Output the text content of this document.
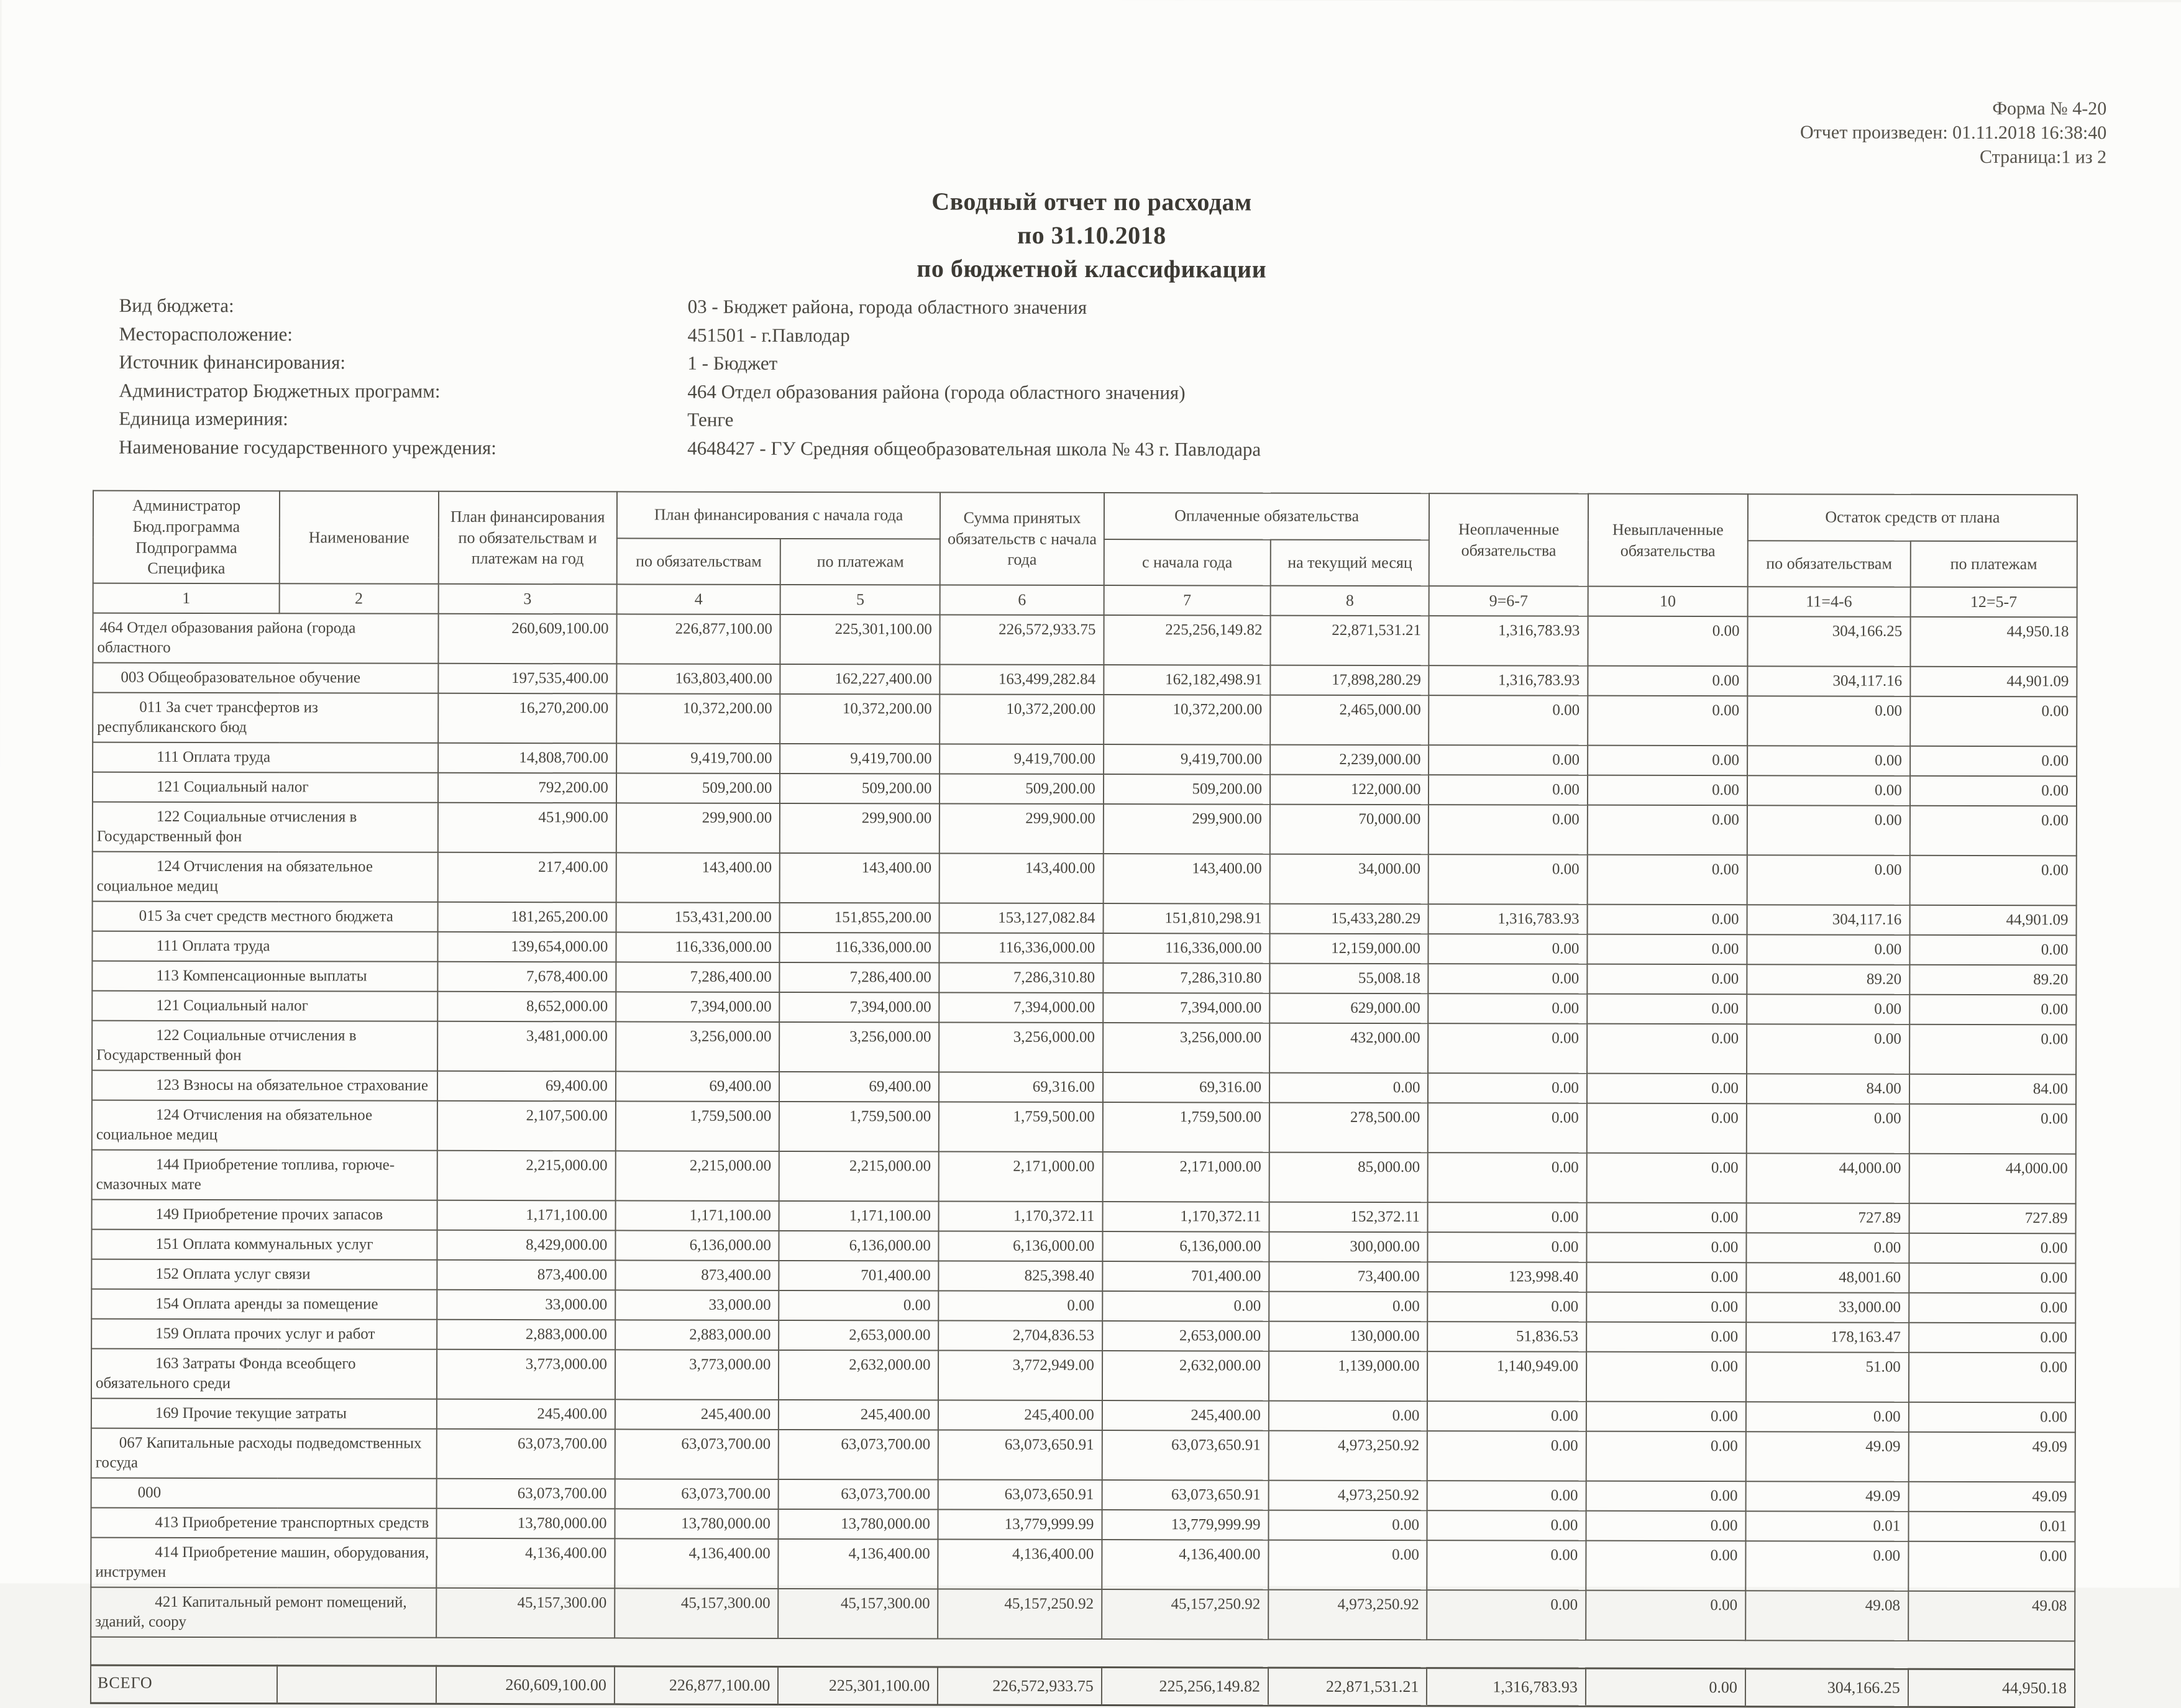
Форма № 4-20
Отчет произведен: 01.11.2018 16:38:40
Страница:1 из 2
Сводный отчет по расходам
по 31.10.2018
по бюджетной классификации
Вид бюджета:	03 - Бюджет района, города областного значения
Месторасположение:	451501 - г.Павлодар
Источник финансирования:	1 - Бюджет
Администратор Бюджетных программ:	464 Отдел образования района (города областного значения)
Единица измериния:	Тенге
Наименование государственного учреждения:	4648427 - ГУ Средняя общеобразовательная школа № 43 г. Павлодара
Администратор
Бюд.программа
Подпрограмма
Специфика	Наименование	План финансирования по обязательствам и платежам на год	План финансирования с начала года		Сумма принятых обязательств с начала года	Оплаченные обязательства		Неоплаченные обязательства	Невыплаченные обязательства	Остаток средств от плана	
			по обязательствам	по платежам		с начала года	на текущий месяц			по обязательствам	по платежам
1	2	3	4	5	6	7	8	9=6-7	10	11=4-6	12=5-7
464 Отдел образования района (города областного		260,609,100.00	226,877,100.00	225,301,100.00	226,572,933.75	225,256,149.82	22,871,531.21	1,316,783.93	0.00	304,166.25	44,950.18
003 Общеобразовательное обучение		197,535,400.00	163,803,400.00	162,227,400.00	163,499,282.84	162,182,498.91	17,898,280.29	1,316,783.93	0.00	304,117.16	44,901.09
011 За счет трансфертов из республиканского бюд		16,270,200.00	10,372,200.00	10,372,200.00	10,372,200.00	10,372,200.00	2,465,000.00	0.00	0.00	0.00	0.00
111 Оплата труда		14,808,700.00	9,419,700.00	9,419,700.00	9,419,700.00	9,419,700.00	2,239,000.00	0.00	0.00	0.00	0.00
121 Социальный налог		792,200.00	509,200.00	509,200.00	509,200.00	509,200.00	122,000.00	0.00	0.00	0.00	0.00
122 Социальные отчисления в Государственный фон		451,900.00	299,900.00	299,900.00	299,900.00	299,900.00	70,000.00	0.00	0.00	0.00	0.00
124 Отчисления на обязательное социальное медиц		217,400.00	143,400.00	143,400.00	143,400.00	143,400.00	34,000.00	0.00	0.00	0.00	0.00
015 За счет средств местного бюджета		181,265,200.00	153,431,200.00	151,855,200.00	153,127,082.84	151,810,298.91	15,433,280.29	1,316,783.93	0.00	304,117.16	44,901.09
111 Оплата труда		139,654,000.00	116,336,000.00	116,336,000.00	116,336,000.00	116,336,000.00	12,159,000.00	0.00	0.00	0.00	0.00
113 Компенсационные выплаты		7,678,400.00	7,286,400.00	7,286,400.00	7,286,310.80	7,286,310.80	55,008.18	0.00	0.00	89.20	89.20
121 Социальный налог		8,652,000.00	7,394,000.00	7,394,000.00	7,394,000.00	7,394,000.00	629,000.00	0.00	0.00	0.00	0.00
122 Социальные отчисления в Государственный фон		3,481,000.00	3,256,000.00	3,256,000.00	3,256,000.00	3,256,000.00	432,000.00	0.00	0.00	0.00	0.00
123 Взносы на обязательное страхование		69,400.00	69,400.00	69,400.00	69,316.00	69,316.00	0.00	0.00	0.00	84.00	84.00
124 Отчисления на обязательное социальное медиц		2,107,500.00	1,759,500.00	1,759,500.00	1,759,500.00	1,759,500.00	278,500.00	0.00	0.00	0.00	0.00
144 Приобретение топлива, горюче-смазочных мате		2,215,000.00	2,215,000.00	2,215,000.00	2,171,000.00	2,171,000.00	85,000.00	0.00	0.00	44,000.00	44,000.00
149 Приобретение прочих запасов		1,171,100.00	1,171,100.00	1,171,100.00	1,170,372.11	1,170,372.11	152,372.11	0.00	0.00	727.89	727.89
151 Оплата коммунальных услуг		8,429,000.00	6,136,000.00	6,136,000.00	6,136,000.00	6,136,000.00	300,000.00	0.00	0.00	0.00	0.00
152 Оплата услуг связи		873,400.00	873,400.00	701,400.00	825,398.40	701,400.00	73,400.00	123,998.40	0.00	48,001.60	0.00
154 Оплата аренды за помещение		33,000.00	33,000.00	0.00	0.00	0.00	0.00	0.00	0.00	33,000.00	0.00
159 Оплата прочих услуг и работ		2,883,000.00	2,883,000.00	2,653,000.00	2,704,836.53	2,653,000.00	130,000.00	51,836.53	0.00	178,163.47	0.00
163 Затраты Фонда всеобщего обязательного среди		3,773,000.00	3,773,000.00	2,632,000.00	3,772,949.00	2,632,000.00	1,139,000.00	1,140,949.00	0.00	51.00	0.00
169 Прочие текущие затраты		245,400.00	245,400.00	245,400.00	245,400.00	245,400.00	0.00	0.00	0.00	0.00	0.00
067 Капитальные расходы подведомственных госуда		63,073,700.00	63,073,700.00	63,073,700.00	63,073,650.91	63,073,650.91	4,973,250.92	0.00	0.00	49.09	49.09
000		63,073,700.00	63,073,700.00	63,073,700.00	63,073,650.91	63,073,650.91	4,973,250.92	0.00	0.00	49.09	49.09
413 Приобретение транспортных средств		13,780,000.00	13,780,000.00	13,780,000.00	13,779,999.99	13,779,999.99	0.00	0.00	0.00	0.01	0.01
414 Приобретение машин, оборудования, инструмен		4,136,400.00	4,136,400.00	4,136,400.00	4,136,400.00	4,136,400.00	0.00	0.00	0.00	0.00	0.00
421 Капитальный ремонт помещений, зданий, соору		45,157,300.00	45,157,300.00	45,157,300.00	45,157,250.92	45,157,250.92	4,973,250.92	0.00	0.00	49.08	49.08

ВСЕГО		260,609,100.00	226,877,100.00	225,301,100.00	226,572,933.75	225,256,149.82	22,871,531.21	1,316,783.93	0.00	304,166.25	44,950.18
